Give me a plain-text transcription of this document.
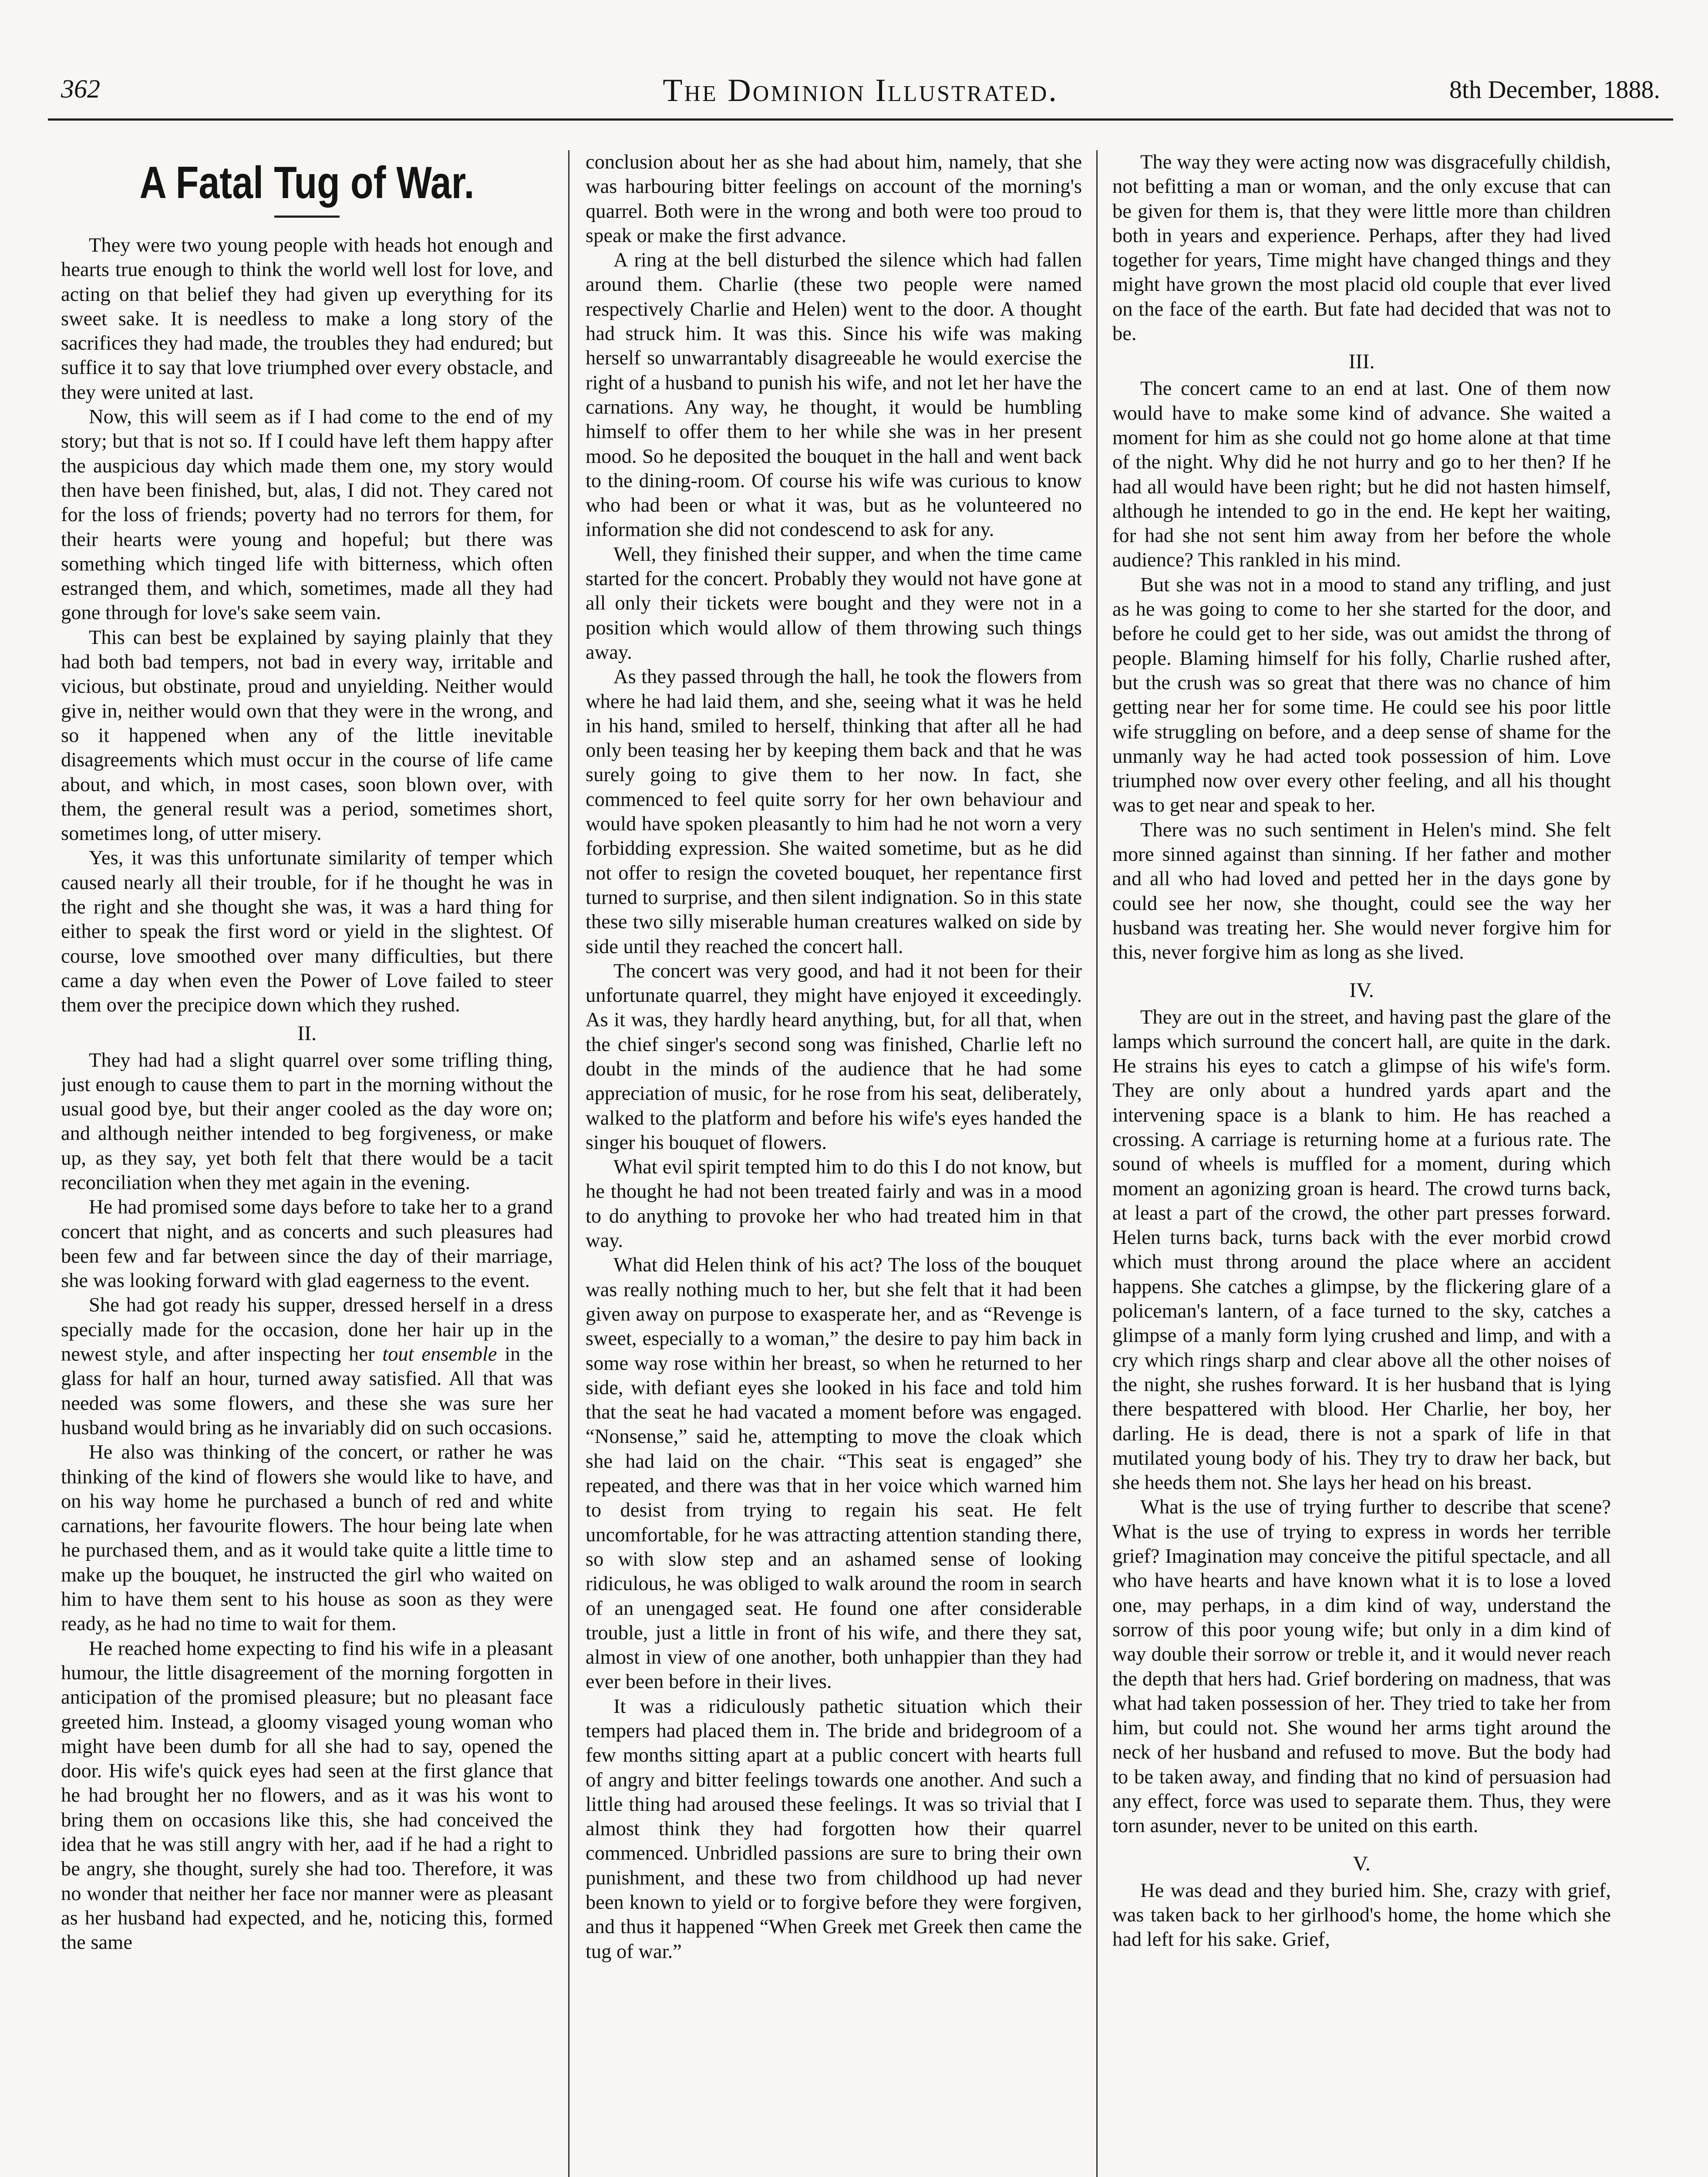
362	The Dominion Illustrated.	8th December, 1888.
A Fatal Tug of War.

They were two young people with heads hot enough and hearts true enough to think the world well lost for love, and acting on that belief they had given up everything for its sweet sake. It is needless to make a long story of the sacrifices they had made, the troubles they had endured; but suffice it to say that love triumphed over every obstacle, and they were united at last.

Now, this will seem as if I had come to the end of my story; but that is not so. If I could have left them happy after the auspicious day which made them one, my story would then have been finished, but, alas, I did not. They cared not for the loss of friends; poverty had no terrors for them, for their hearts were young and hopeful; but there was something which tinged life with bitterness, which often estranged them, and which, sometimes, made all they had gone through for love's sake seem vain.

This can best be explained by saying plainly that they had both bad tempers, not bad in every way, irritable and vicious, but obstinate, proud and unyielding. Neither would give in, neither would own that they were in the wrong, and so it happened when any of the little inevitable disagreements which must occur in the course of life came about, and which, in most cases, soon blown over, with them, the general result was a period, sometimes short, sometimes long, of utter misery.

Yes, it was this unfortunate similarity of temper which caused nearly all their trouble, for if he thought he was in the right and she thought she was, it was a hard thing for either to speak the first word or yield in the slightest. Of course, love smoothed over many difficulties, but there came a day when even the Power of Love failed to steer them over the precipice down which they rushed.

II.

They had had a slight quarrel over some trifling thing, just enough to cause them to part in the morning without the usual good bye, but their anger cooled as the day wore on; and although neither intended to beg forgiveness, or make up, as they say, yet both felt that there would be a tacit reconciliation when they met again in the evening.

He had promised some days before to take her to a grand concert that night, and as concerts and such pleasures had been few and far between since the day of their marriage, she was looking forward with glad eagerness to the event.

She had got ready his supper, dressed herself in a dress specially made for the occasion, done her hair up in the newest style, and after inspecting her tout ensemble in the glass for half an hour, turned away satisfied. All that was needed was some flowers, and these she was sure her husband would bring as he invariably did on such occasions.

He also was thinking of the concert, or rather he was thinking of the kind of flowers she would like to have, and on his way home he purchased a bunch of red and white carnations, her favourite flowers. The hour being late when he purchased them, and as it would take quite a little time to make up the bouquet, he instructed the girl who waited on him to have them sent to his house as soon as they were ready, as he had no time to wait for them.

He reached home expecting to find his wife in a pleasant humour, the little disagreement of the morning forgotten in anticipation of the promised pleasure; but no pleasant face greeted him. Instead, a gloomy visaged young woman who might have been dumb for all she had to say, opened the door. His wife's quick eyes had seen at the first glance that he had brought her no flowers, and as it was his wont to bring them on occasions like this, she had conceived the idea that he was still angry with her, aad if he had a right to be angry, she thought, surely she had too. Therefore, it was no wonder that neither her face nor manner were as pleasant as her husband had expected, and he, noticing this, formed the same

conclusion about her as she had about him, namely, that she was harbouring bitter feelings on account of the morning's quarrel. Both were in the wrong and both were too proud to speak or make the first advance.

A ring at the bell disturbed the silence which had fallen around them. Charlie (these two people were named respectively Charlie and Helen) went to the door. A thought had struck him. It was this. Since his wife was making herself so unwarrantably disagreeable he would exercise the right of a husband to punish his wife, and not let her have the carnations. Any way, he thought, it would be humbling himself to offer them to her while she was in her present mood. So he deposited the bouquet in the hall and went back to the dining-room. Of course his wife was curious to know who had been or what it was, but as he volunteered no information she did not condescend to ask for any.

Well, they finished their supper, and when the time came started for the concert. Probably they would not have gone at all only their tickets were bought and they were not in a position which would allow of them throwing such things away.

As they passed through the hall, he took the flowers from where he had laid them, and she, seeing what it was he held in his hand, smiled to herself, thinking that after all he had only been teasing her by keeping them back and that he was surely going to give them to her now. In fact, she commenced to feel quite sorry for her own behaviour and would have spoken pleasantly to him had he not worn a very forbidding expression. She waited sometime, but as he did not offer to resign the coveted bouquet, her repentance first turned to surprise, and then silent indignation. So in this state these two silly miserable human creatures walked on side by side until they reached the concert hall.

The concert was very good, and had it not been for their unfortunate quarrel, they might have enjoyed it exceedingly. As it was, they hardly heard anything, but, for all that, when the chief singer's second song was finished, Charlie left no doubt in the minds of the audience that he had some appreciation of music, for he rose from his seat, deliberately, walked to the platform and before his wife's eyes handed the singer his bouquet of flowers.

What evil spirit tempted him to do this I do not know, but he thought he had not been treated fairly and was in a mood to do anything to provoke her who had treated him in that way.

What did Helen think of his act? The loss of the bouquet was really nothing much to her, but she felt that it had been given away on purpose to exasperate her, and as “Revenge is sweet, especially to a woman,” the desire to pay him back in some way rose within her breast, so when he returned to her side, with defiant eyes she looked in his face and told him that the seat he had vacated a moment before was engaged. “Nonsense,” said he, attempting to move the cloak which she had laid on the chair. “This seat is engaged” she repeated, and there was that in her voice which warned him to desist from trying to regain his seat. He felt uncomfortable, for he was attracting attention standing there, so with slow step and an ashamed sense of looking ridiculous, he was obliged to walk around the room in search of an unengaged seat. He found one after considerable trouble, just a little in front of his wife, and there they sat, almost in view of one another, both unhappier than they had ever been before in their lives.

It was a ridiculously pathetic situation which their tempers had placed them in. The bride and bridegroom of a few months sitting apart at a public concert with hearts full of angry and bitter feelings towards one another. And such a little thing had aroused these feelings. It was so trivial that I almost think they had forgotten how their quarrel commenced. Unbridled passions are sure to bring their own punishment, and these two from childhood up had never been known to yield or to forgive before they were forgiven, and thus it happened “When Greek met Greek then came the tug of war.”

The way they were acting now was disgracefully childish, not befitting a man or woman, and the only excuse that can be given for them is, that they were little more than children both in years and experience. Perhaps, after they had lived together for years, Time might have changed things and they might have grown the most placid old couple that ever lived on the face of the earth. But fate had decided that was not to be.

III.

The concert came to an end at last. One of them now would have to make some kind of advance. She waited a moment for him as she could not go home alone at that time of the night. Why did he not hurry and go to her then? If he had all would have been right; but he did not hasten himself, although he intended to go in the end. He kept her waiting, for had she not sent him away from her before the whole audience? This rankled in his mind.

But she was not in a mood to stand any trifling, and just as he was going to come to her she started for the door, and before he could get to her side, was out amidst the throng of people. Blaming himself for his folly, Charlie rushed after, but the crush was so great that there was no chance of him getting near her for some time. He could see his poor little wife struggling on before, and a deep sense of shame for the unmanly way he had acted took possession of him. Love triumphed now over every other feeling, and all his thought was to get near and speak to her.

There was no such sentiment in Helen's mind. She felt more sinned against than sinning. If her father and mother and all who had loved and petted her in the days gone by could see her now, she thought, could see the way her husband was treating her. She would never forgive him for this, never forgive him as long as she lived.

IV.

They are out in the street, and having past the glare of the lamps which surround the concert hall, are quite in the dark. He strains his eyes to catch a glimpse of his wife's form. They are only about a hundred yards apart and the intervening space is a blank to him. He has reached a crossing. A carriage is returning home at a furious rate. The sound of wheels is muffled for a moment, during which moment an agonizing groan is heard. The crowd turns back, at least a part of the crowd, the other part presses forward. Helen turns back, turns back with the ever morbid crowd which must throng around the place where an accident happens. She catches a glimpse, by the flickering glare of a policeman's lantern, of a face turned to the sky, catches a glimpse of a manly form lying crushed and limp, and with a cry which rings sharp and clear above all the other noises of the night, she rushes forward. It is her husband that is lying there bespattered with blood. Her Charlie, her boy, her darling. He is dead, there is not a spark of life in that mutilated young body of his. They try to draw her back, but she heeds them not. She lays her head on his breast.

What is the use of trying further to describe that scene? What is the use of trying to express in words her terrible grief? Imagination may conceive the pitiful spectacle, and all who have hearts and have known what it is to lose a loved one, may perhaps, in a dim kind of way, understand the sorrow of this poor young wife; but only in a dim kind of way double their sorrow or treble it, and it would never reach the depth that hers had. Grief bordering on madness, that was what had taken possession of her. They tried to take her from him, but could not. She wound her arms tight around the neck of her husband and refused to move. But the body had to be taken away, and finding that no kind of persuasion had any effect, force was used to separate them. Thus, they were torn asunder, never to be united on this earth.

V.

He was dead and they buried him. She, crazy with grief, was taken back to her girlhood's home, the home which she had left for his sake. Grief,
